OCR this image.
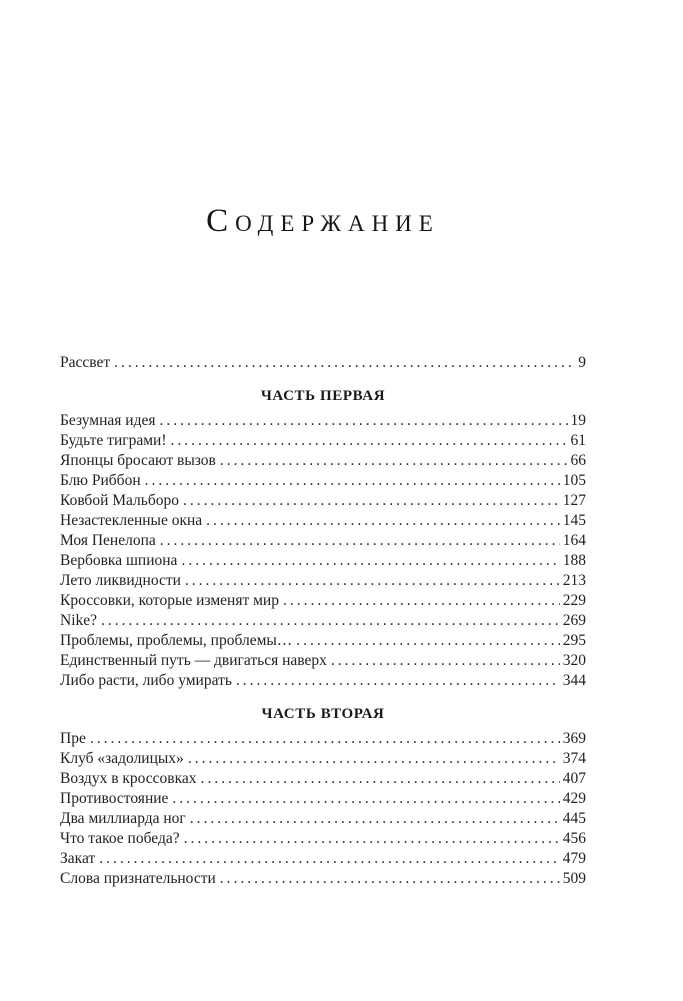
Содержание
Рассвет .....	9
ЧАСТЬ ПЕРВАЯ
Безумная идея .....	19
Будьте тиграми! .....	61
Японцы бросают вызов .....	66
Блю Риббон .....	105
Ковбой Мальборо .....	127
Незастекленные окна .....	145
Моя Пенелопа .....	164
Вербовка шпиона .....	188
Лето ликвидности .....	213
Кроссовки, которые изменят мир .....	229
Nike? .....	269
Проблемы, проблемы, проблемы… .....	295
Единственный путь — двигаться наверх .....	320
Либо расти, либо умирать .....	344
ЧАСТЬ ВТОРАЯ
Пре .....	369
Клуб «задолицых» .....	374
Воздух в кроссовках .....	407
Противостояние .....	429
Два миллиарда ног .....	445
Что такое победа? .....	456
Закат .....	479
Слова признательности .....	509
